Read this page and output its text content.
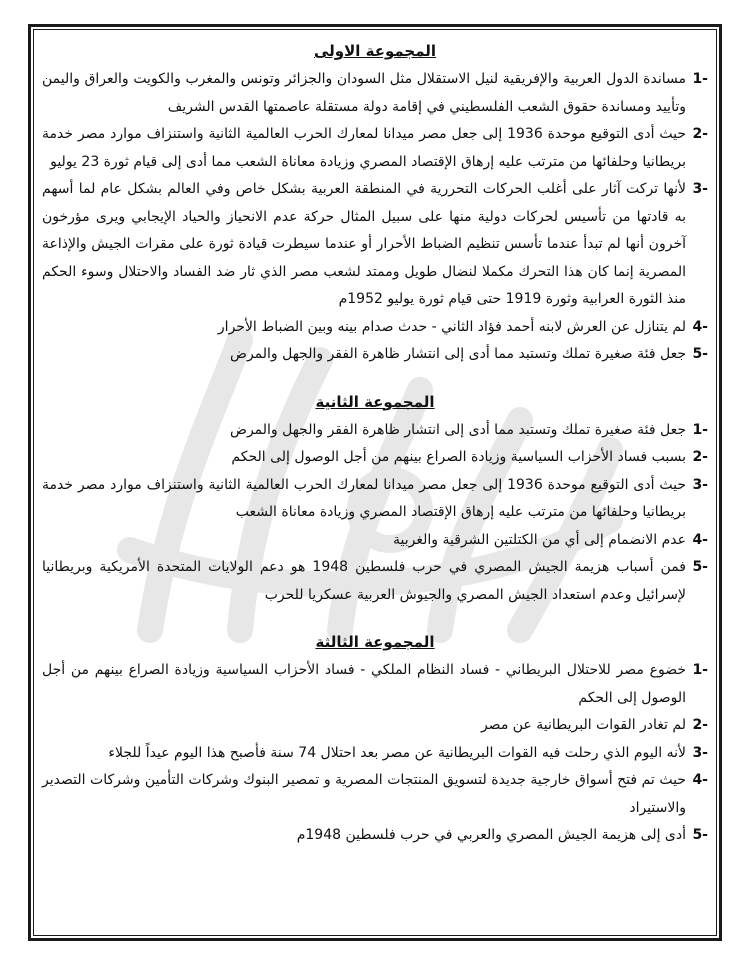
المجموعة الاولى
1-
مساندة الدول العربية والإفريقية لنيل الاستقلال مثل السودان والجزائر وتونس والمغرب والكويت والعراق واليمن وتأييد ومساندة حقوق الشعب الفلسطيني في إقامة دولة مستقلة عاصمتها القدس الشريف
2-
حيث أدى التوقيع موحدة 1936 إلى جعل مصر ميدانا لمعارك الحرب العالمية الثانية واستنزاف موارد مصر خدمة بريطانيا وحلفائها من مترتب عليه إرهاق الإقتصاد المصري وزيادة معاناة الشعب مما أدى إلى قيام ثورة 23 يوليو
3-
لأنها تركت آثار على أغلب الحركات التحررية في المنطقة العربية بشكل خاص وفي العالم بشكل عام لما أسهم به قادتها من تأسيس لحركات دولية منها على سبيل المثال حركة عدم الانحياز والحياد الإيجابي ويرى مؤرخون آخرون أنها لم تبدأ عندما تأسس تنظيم الضباط الأحرار أو عندما سيطرت قيادة ثورة على مقرات الجيش والإذاعة المصرية إنما كان هذا التحرك مكملا لنضال طويل وممتد لشعب مصر الذي ثار ضد الفساد والاحتلال وسوء الحكم منذ الثورة العرابية وثورة 1919 حتى قيام ثورة يوليو 1952م
4-
لم يتنازل عن العرش لابنه أحمد فؤاد الثاني - حدث صدام بينه وبين الضباط الأحرار
5-
جعل فئة صغيرة تملك وتستبد مما أدى إلى انتشار ظاهرة الفقر والجهل والمرض
المجموعة الثانية
1-
جعل فئة صغيرة تملك وتستبد مما أدى إلى انتشار ظاهرة الفقر والجهل والمرض
2-
بسبب فساد الأحزاب السياسية وزيادة الصراع بينهم من أجل الوصول إلى الحكم
3-
حيث أدى التوقيع موحدة 1936 إلى جعل مصر ميدانا لمعارك الحرب العالمية الثانية واستنزاف موارد مصر خدمة بريطانيا وحلفائها من مترتب عليه إرهاق الإقتصاد المصري وزيادة معاناة الشعب
4-
عدم الانضمام إلى أي من الكتلتين الشرقية والغربية
5-
فمن أسباب هزيمة الجيش المصري في حرب فلسطين 1948 هو دعم الولايات المتحدة الأمريكية وبريطانيا لإسرائيل وعدم استعداد الجيش المصري والجيوش العربية عسكريا للحرب
المجموعة الثالثة
1-
خضوع مصر للاحتلال البريطاني - فساد النظام الملكي - فساد الأحزاب السياسية وزيادة الصراع بينهم من أجل الوصول إلى الحكم
2-
لم تغادر القوات البريطانية عن مصر
3-
لأنه اليوم الذي رحلت فيه القوات البريطانية عن مصر بعد احتلال 74 سنة فأصبح هذا اليوم عيداً للجلاء
4-
حيث تم فتح أسواق خارجية جديدة لتسويق المنتجات المصرية و تمصير البنوك وشركات التأمين وشركات التصدير والاستيراد
5-
أدى إلى هزيمة الجيش المصري والعربي في حرب فلسطين 1948م
